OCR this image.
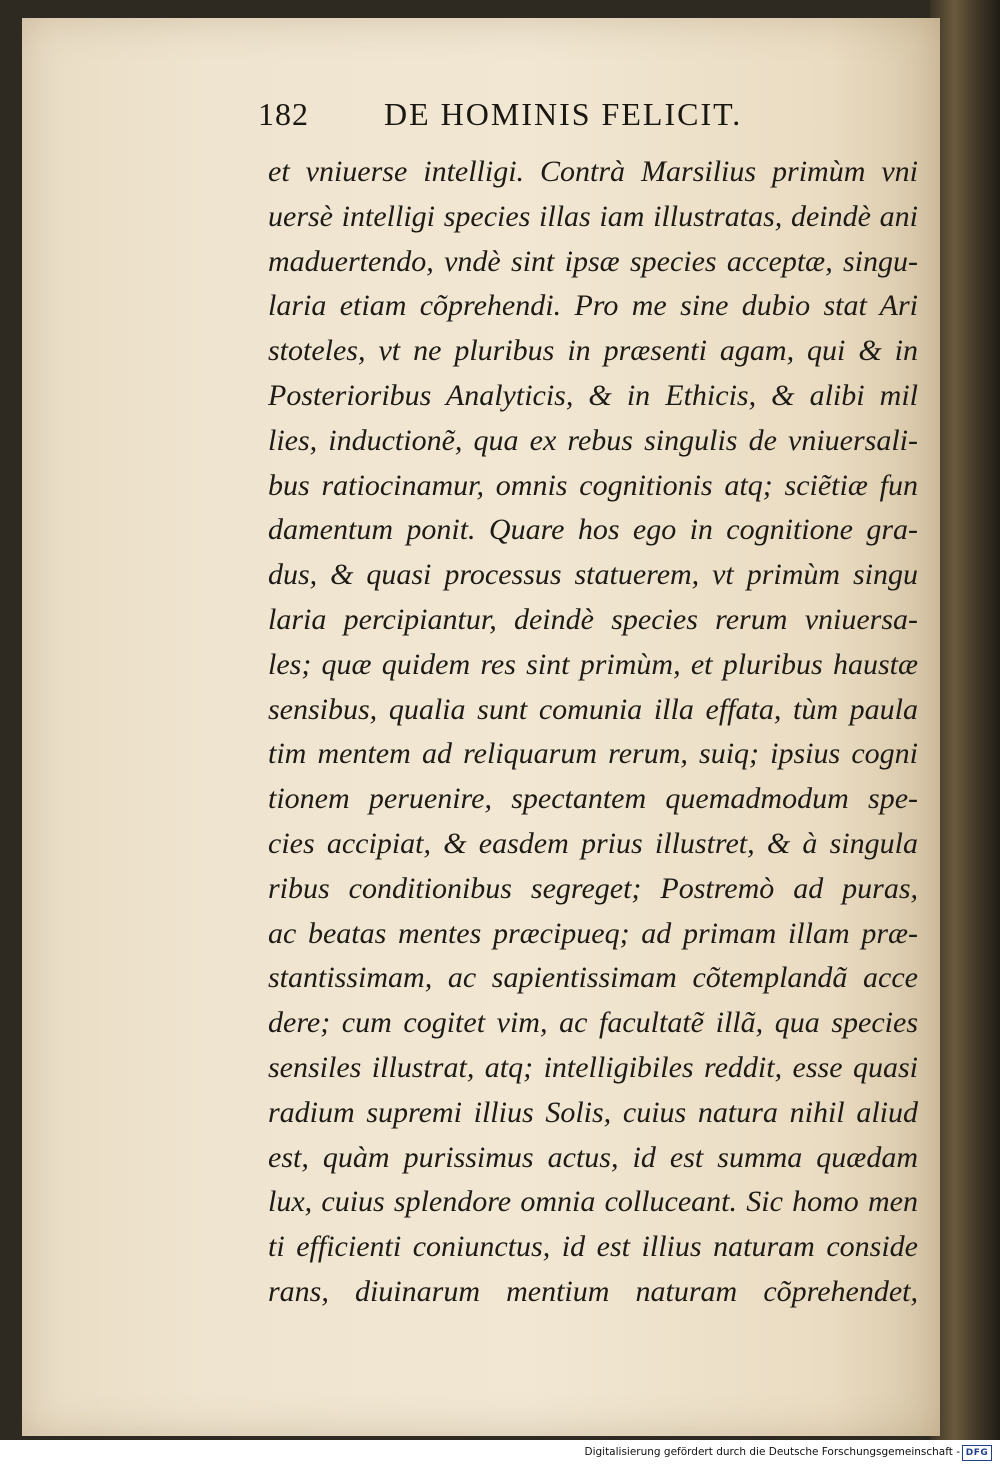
182 DE HOMINIS FELICIT.
et vniuerse intelligi. Contrà Marsilius primùm vni
uersè intelligi species illas iam illustratas, deindè ani
maduertendo, vndè sint ipsæ species acceptæ, singu-
laria etiam cõprehendi. Pro me sine dubio stat Ari
stoteles, vt ne pluribus in præsenti agam, qui & in
Posterioribus Analyticis, & in Ethicis, & alibi mil
lies, inductionẽ, qua ex rebus singulis de vniuersali-
bus ratiocinamur, omnis cognitionis atq; sciẽtiæ fun
damentum ponit. Quare hos ego in cognitione gra-
dus, & quasi processus statuerem, vt primùm singu
laria percipiantur, deindè species rerum vniuersa-
les; quæ quidem res sint primùm, et pluribus haustæ
sensibus, qualia sunt comunia illa effata, tùm paula
tim mentem ad reliquarum rerum, suiq; ipsius cogni
tionem peruenire, spectantem quemadmodum spe-
cies accipiat, & easdem prius illustret, & à singula
ribus conditionibus segreget; Postremò ad puras,
ac beatas mentes præcipueq; ad primam illam præ-
stantissimam, ac sapientissimam cõtemplandã acce
dere; cum cogitet vim, ac facultatẽ illã, qua species
sensiles illustrat, atq; intelligibiles reddit, esse quasi
radium supremi illius Solis, cuius natura nihil aliud
est, quàm purissimus actus, id est summa quædam
lux, cuius splendore omnia colluceant. Sic homo men
ti efficienti coniunctus, id est illius naturam conside
rans, diuinarum mentium naturam cõprehendet,
Digitalisierung gefördert durch die Deutsche Forschungsgemeinschaft - DFG
